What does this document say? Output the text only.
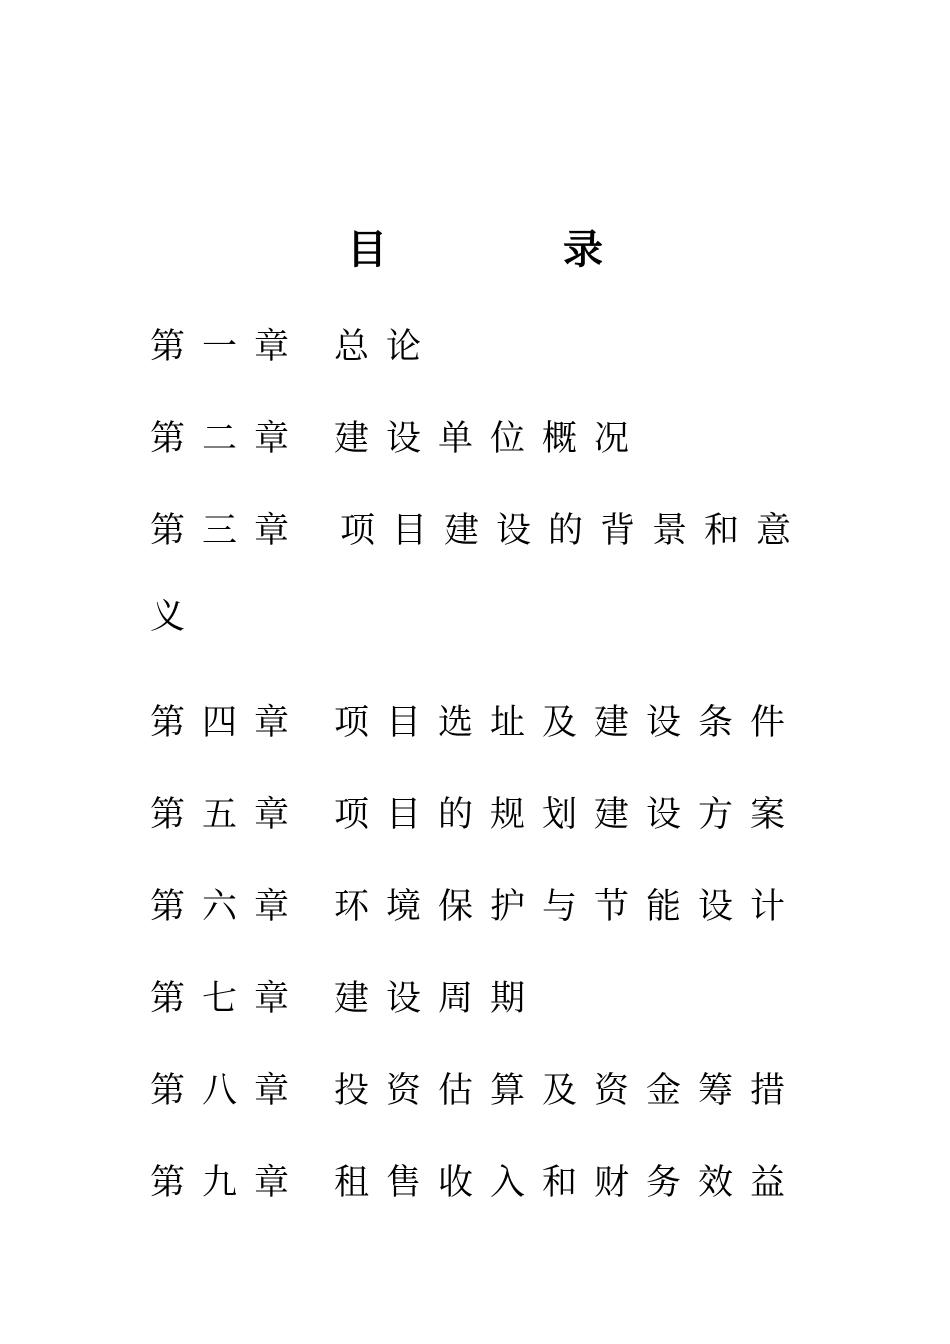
目　录
第一章 总论
第二章 建设单位概况
第三章 项目建设的背景和意义
第四章 项目选址及建设条件
第五章 项目的规划建设方案
第六章 环境保护与节能设计
第七章 建设周期
第八章 投资估算及资金筹措
第九章 租售收入和财务效益
